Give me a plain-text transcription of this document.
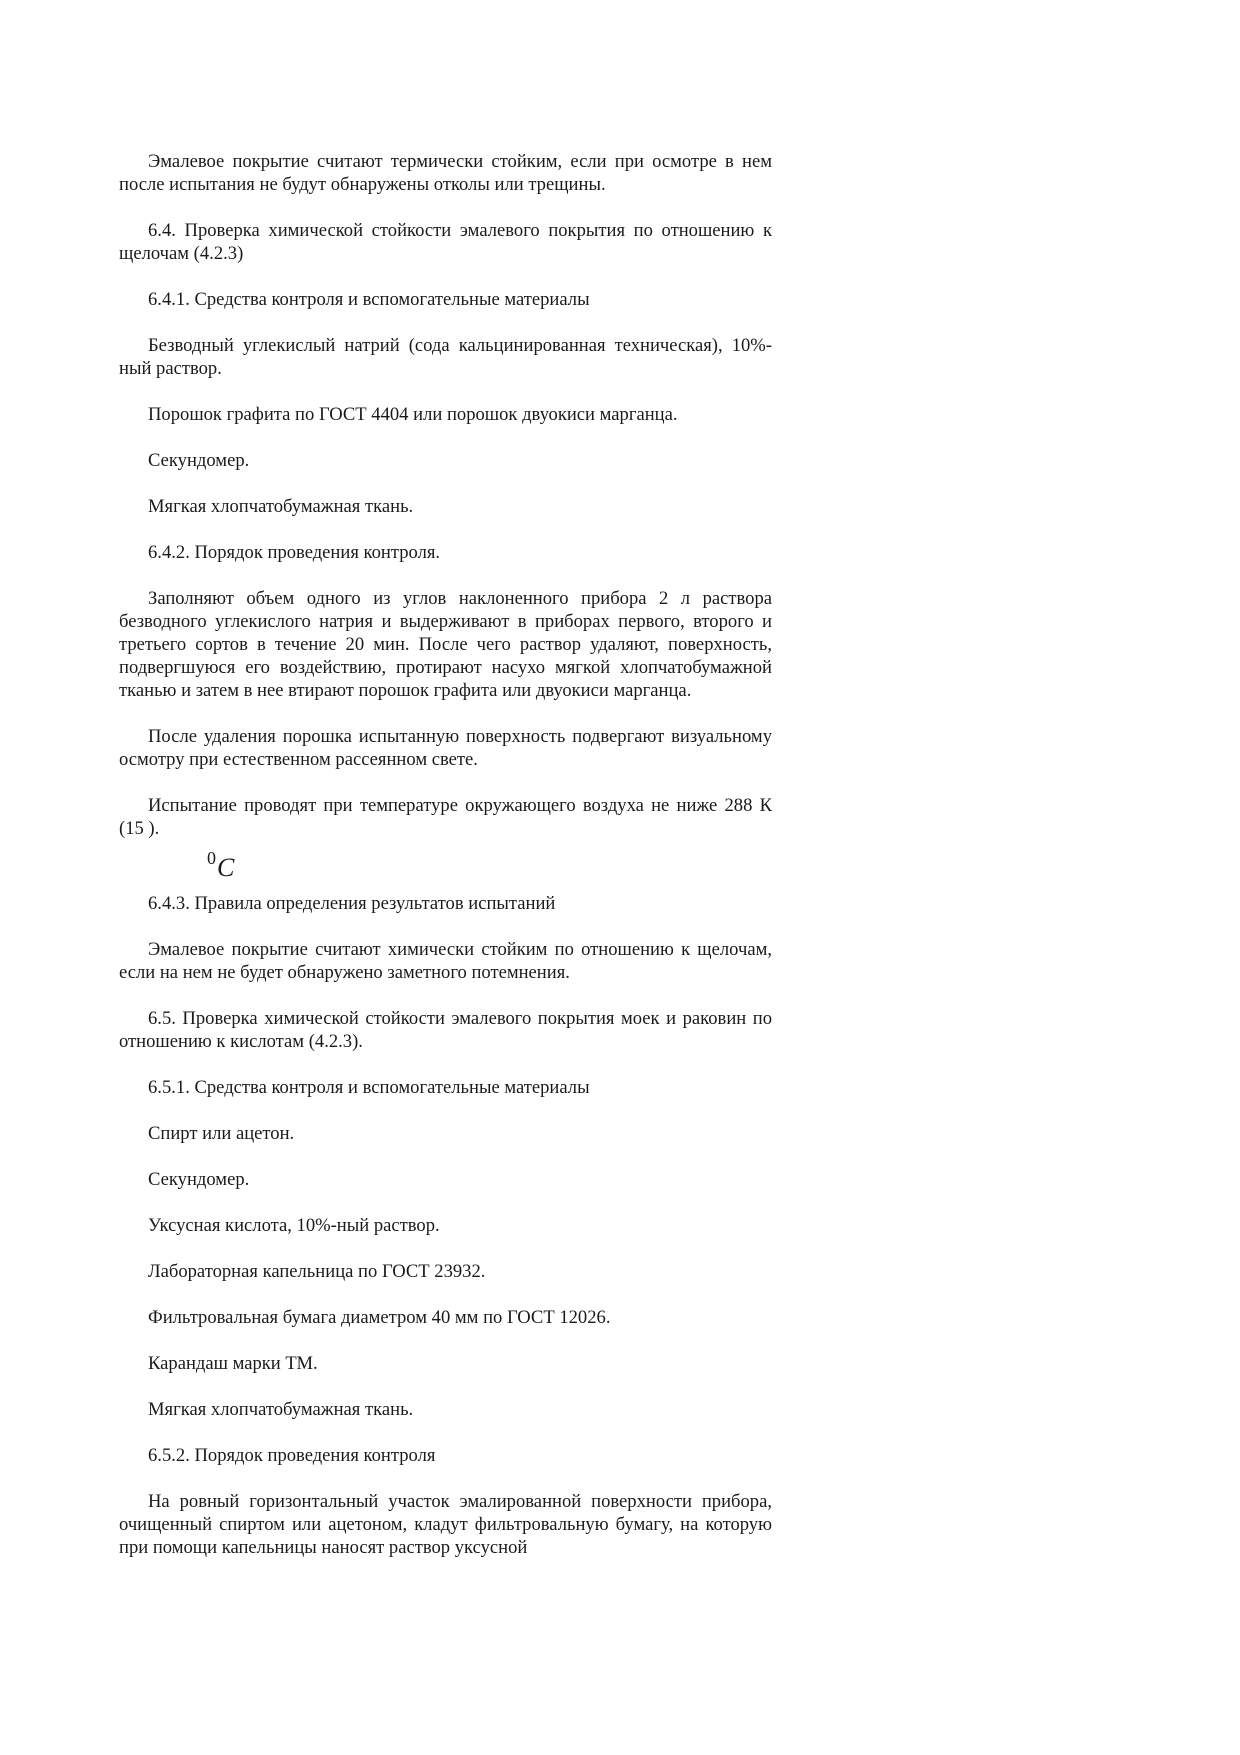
Эмалевое покрытие считают термически стойким, если при осмотре в нем после испытания не будут обнаружены отколы или трещины.

6.4. Проверка химической стойкости эмалевого покрытия по отношению к щелочам (4.2.3)

6.4.1. Средства контроля и вспомогательные материалы

Безводный углекислый натрий (сода кальцинированная техническая), 10%-ный раствор.

Порошок графита по ГОСТ 4404 или порошок двуокиси марганца.

Секундомер.

Мягкая хлопчатобумажная ткань.

6.4.2. Порядок проведения контроля.

Заполняют объем одного из углов наклоненного прибора 2 л раствора безводного углекислого натрия и выдерживают в приборах первого, второго и третьего сортов в течение 20 мин. После чего раствор удаляют, поверхность, подвергшуюся его воздействию, протирают насухо мягкой хлопчатобумажной тканью и затем в нее втирают порошок графита или двуокиси марганца.

После удаления порошка испытанную поверхность подвергают визуальному осмотру при естественном рассеянном свете.

Испытание проводят при температуре окружающего воздуха не ниже 288 К (15 ).

0 C

6.4.3. Правила определения результатов испытаний

Эмалевое покрытие считают химически стойким по отношению к щелочам, если на нем не будет обнаружено заметного потемнения.

6.5. Проверка химической стойкости эмалевого покрытия моек и раковин по отношению к кислотам (4.2.3).

6.5.1. Средства контроля и вспомогательные материалы

Спирт или ацетон.

Секундомер.

Уксусная кислота, 10%-ный раствор.

Лабораторная капельница по ГОСТ 23932.

Фильтровальная бумага диаметром 40 мм по ГОСТ 12026.

Карандаш марки ТМ.

Мягкая хлопчатобумажная ткань.

6.5.2. Порядок проведения контроля

На ровный горизонтальный участок эмалированной поверхности прибора, очищенный спиртом или ацетоном, кладут фильтровальную бумагу, на которую при помощи капельницы наносят раствор уксусной
